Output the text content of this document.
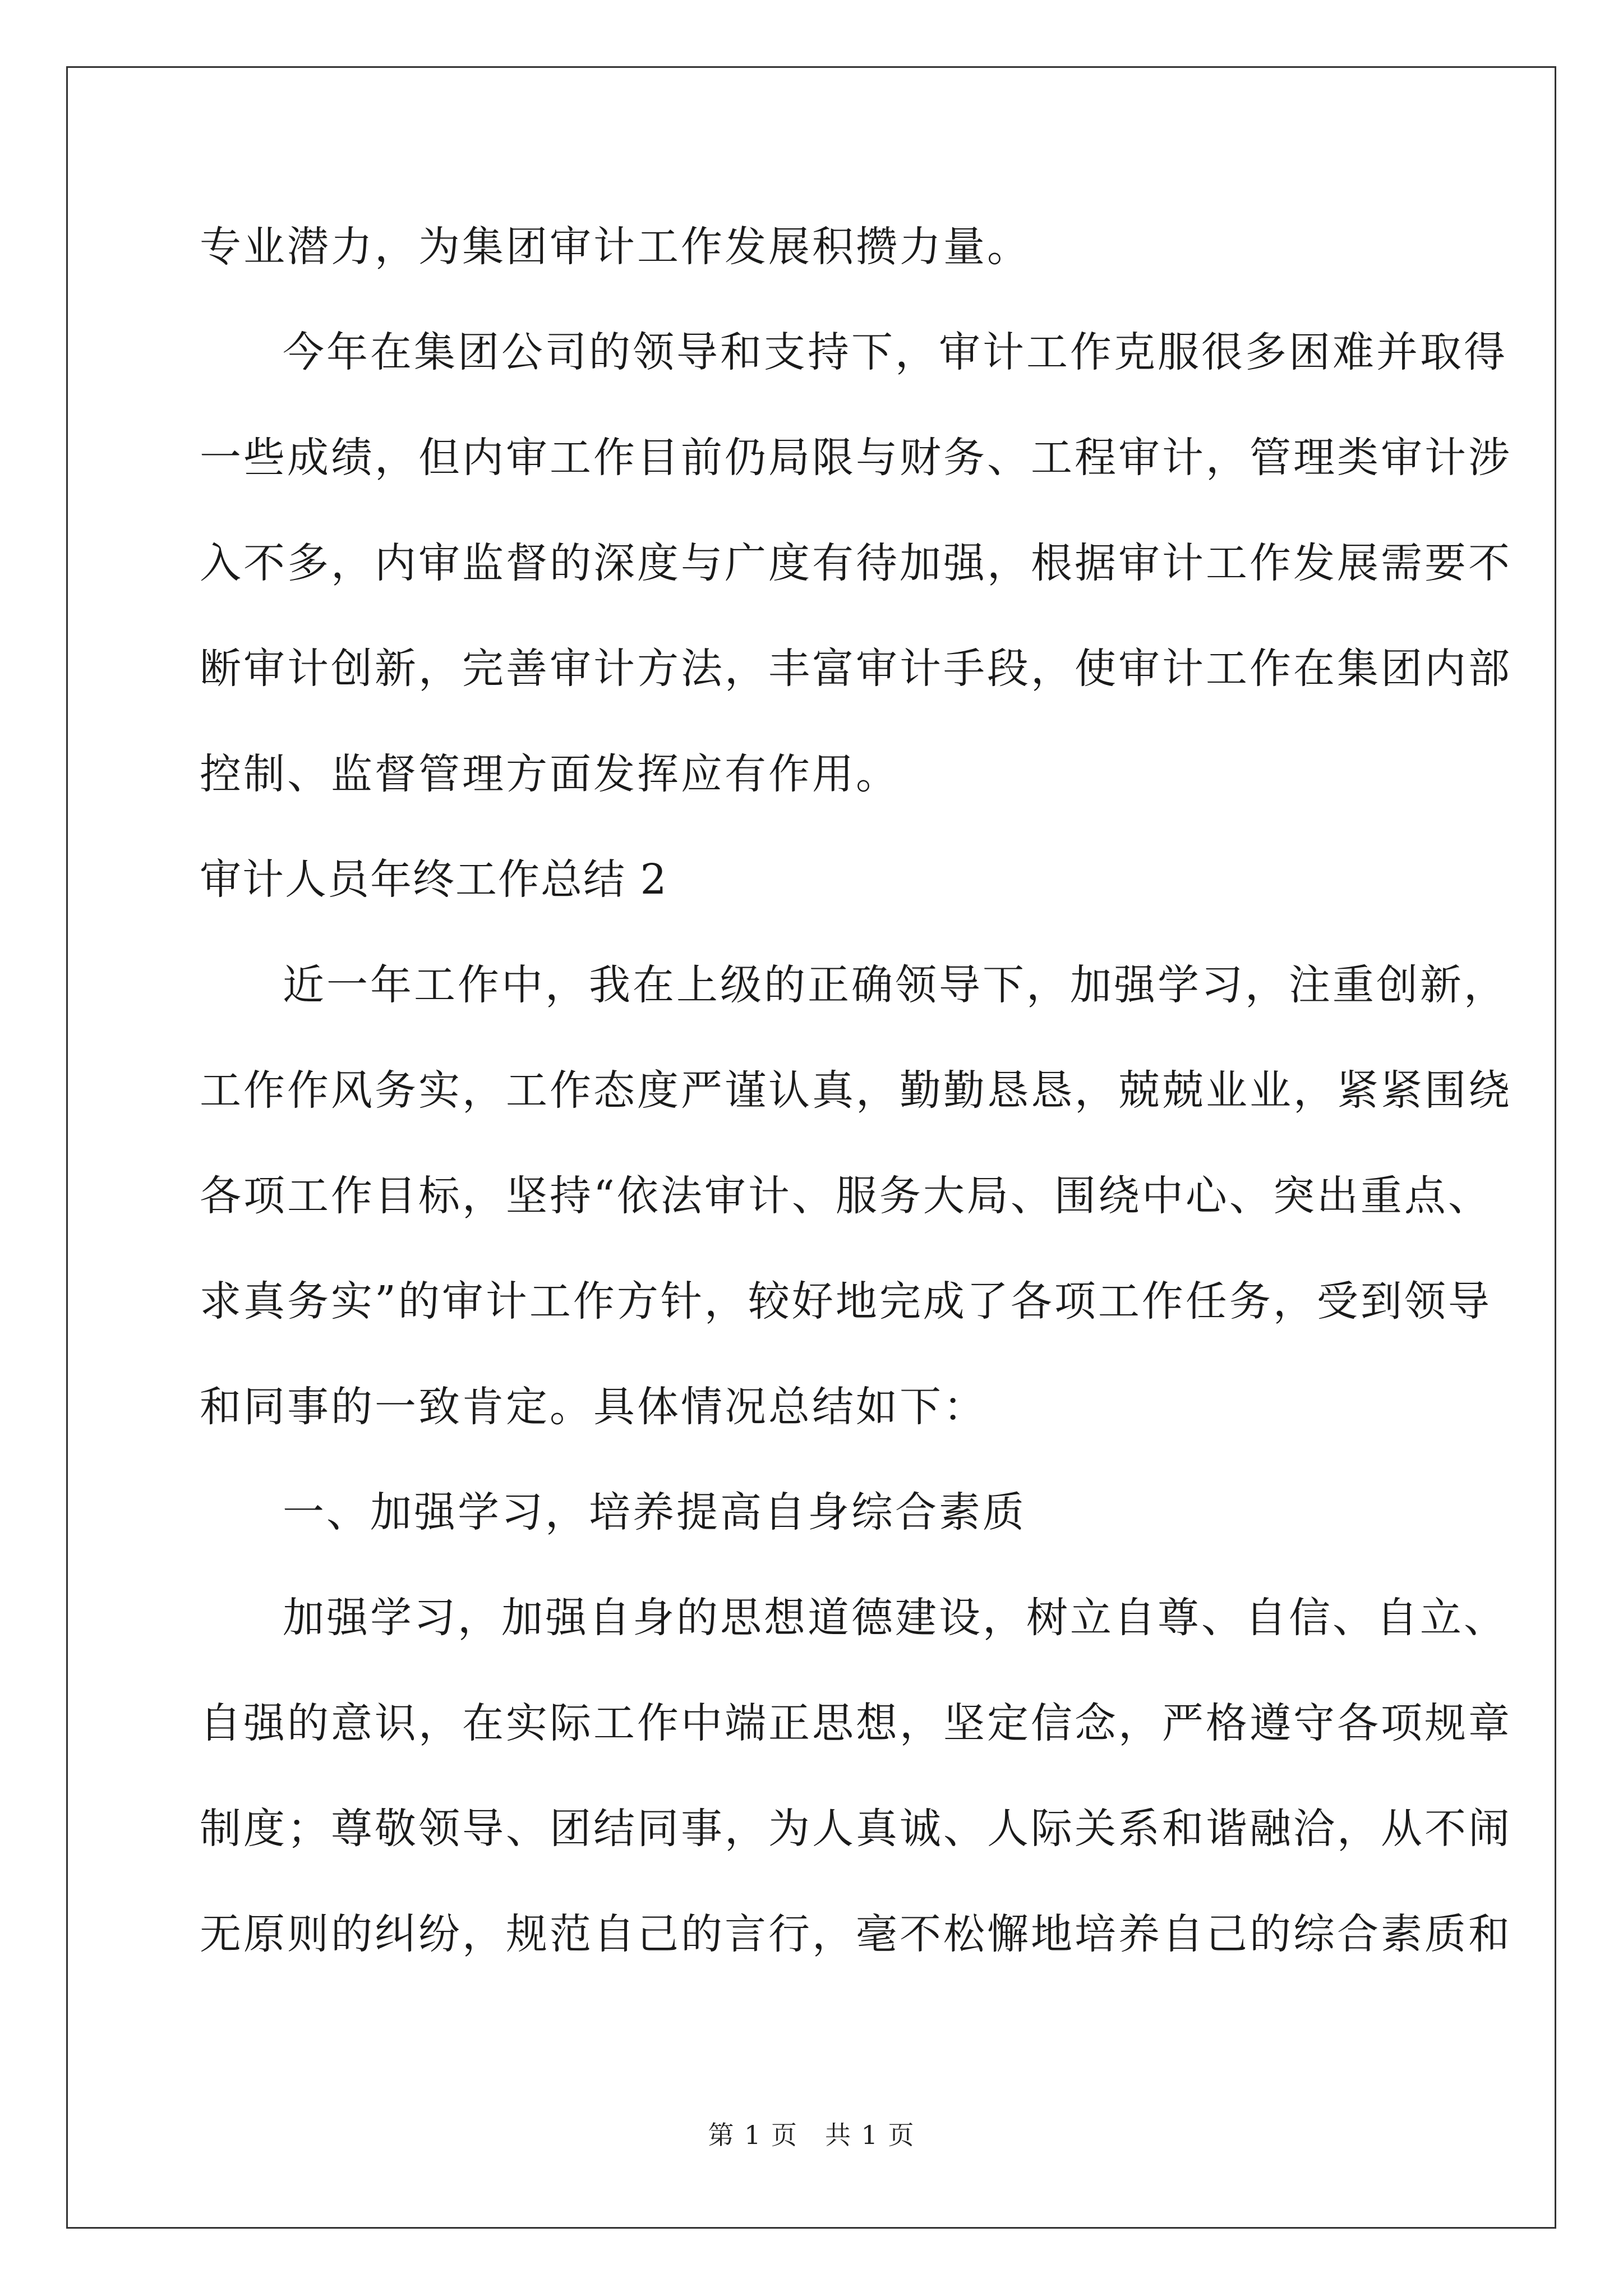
专业潜力，为集团审计工作发展积攒力量。
今年在集团公司的领导和支持下，审计工作克服很多困难并取得
一些成绩，但内审工作目前仍局限与财务、工程审计，管理类审计涉
入不多，内审监督的深度与广度有待加强，根据审计工作发展需要不
断审计创新，完善审计方法，丰富审计手段，使审计工作在集团内部
控制、监督管理方面发挥应有作用。
审计人员年终工作总结 2
近一年工作中，我在上级的正确领导下，加强学习，注重创新，
工作作风务实，工作态度严谨认真，勤勤恳恳，兢兢业业，紧紧围绕
各项工作目标，坚持“依法审计、服务大局、围绕中心、突出重点、
求真务实”的审计工作方针，较好地完成了各项工作任务，受到领导
和同事的一致肯定。具体情况总结如下：
一、加强学习，培养提高自身综合素质
加强学习，加强自身的思想道德建设，树立自尊、自信、自立、
自强的意识，在实际工作中端正思想，坚定信念，严格遵守各项规章
制度；尊敬领导、团结同事，为人真诚、人际关系和谐融洽，从不闹
无原则的纠纷，规范自己的言行，毫不松懈地培养自己的综合素质和
第 1 页　共 1 页
